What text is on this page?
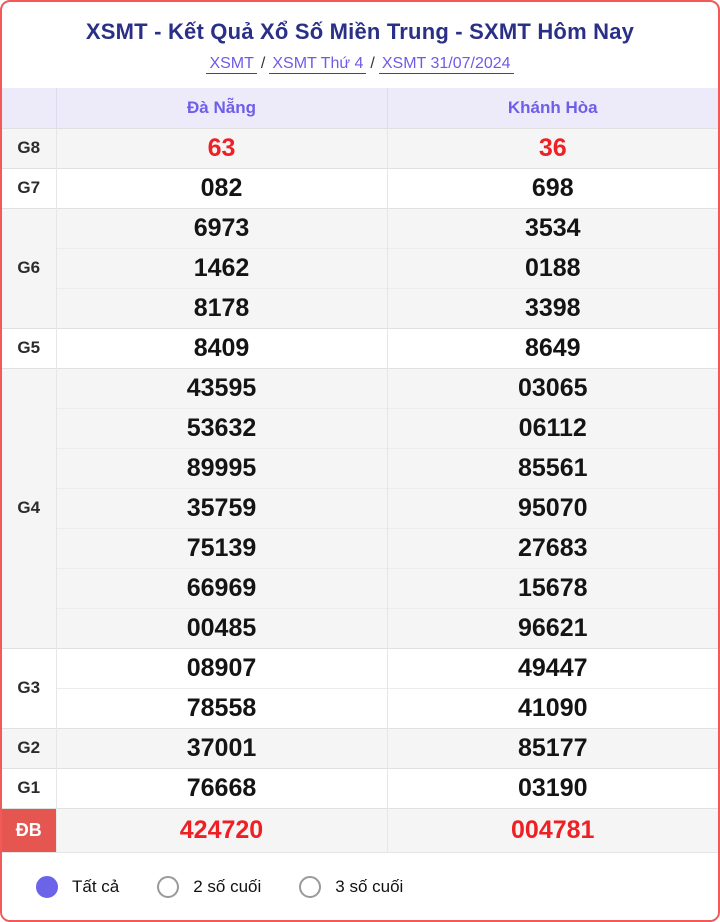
XSMT - Kết Quả Xổ Số Miền Trung - SXMT Hôm Nay
XSMT / XSMT Thứ 4 / XSMT 31/07/2024
	Đà Nẵng	Khánh Hòa
G8	63	36
G7	082	698
G6	6973	3534
	1462	0188
	8178	3398
G5	8409	8649
G4	43595	03065
	53632	06112
	89995	85561
	35759	95070
	75139	27683
	66969	15678
	00485	96621
G3	08907	49447
	78558	41090
G2	37001	85177
G1	76668	03190
ĐB	424720	004781
Tất cả	2 số cuối	3 số cuối
